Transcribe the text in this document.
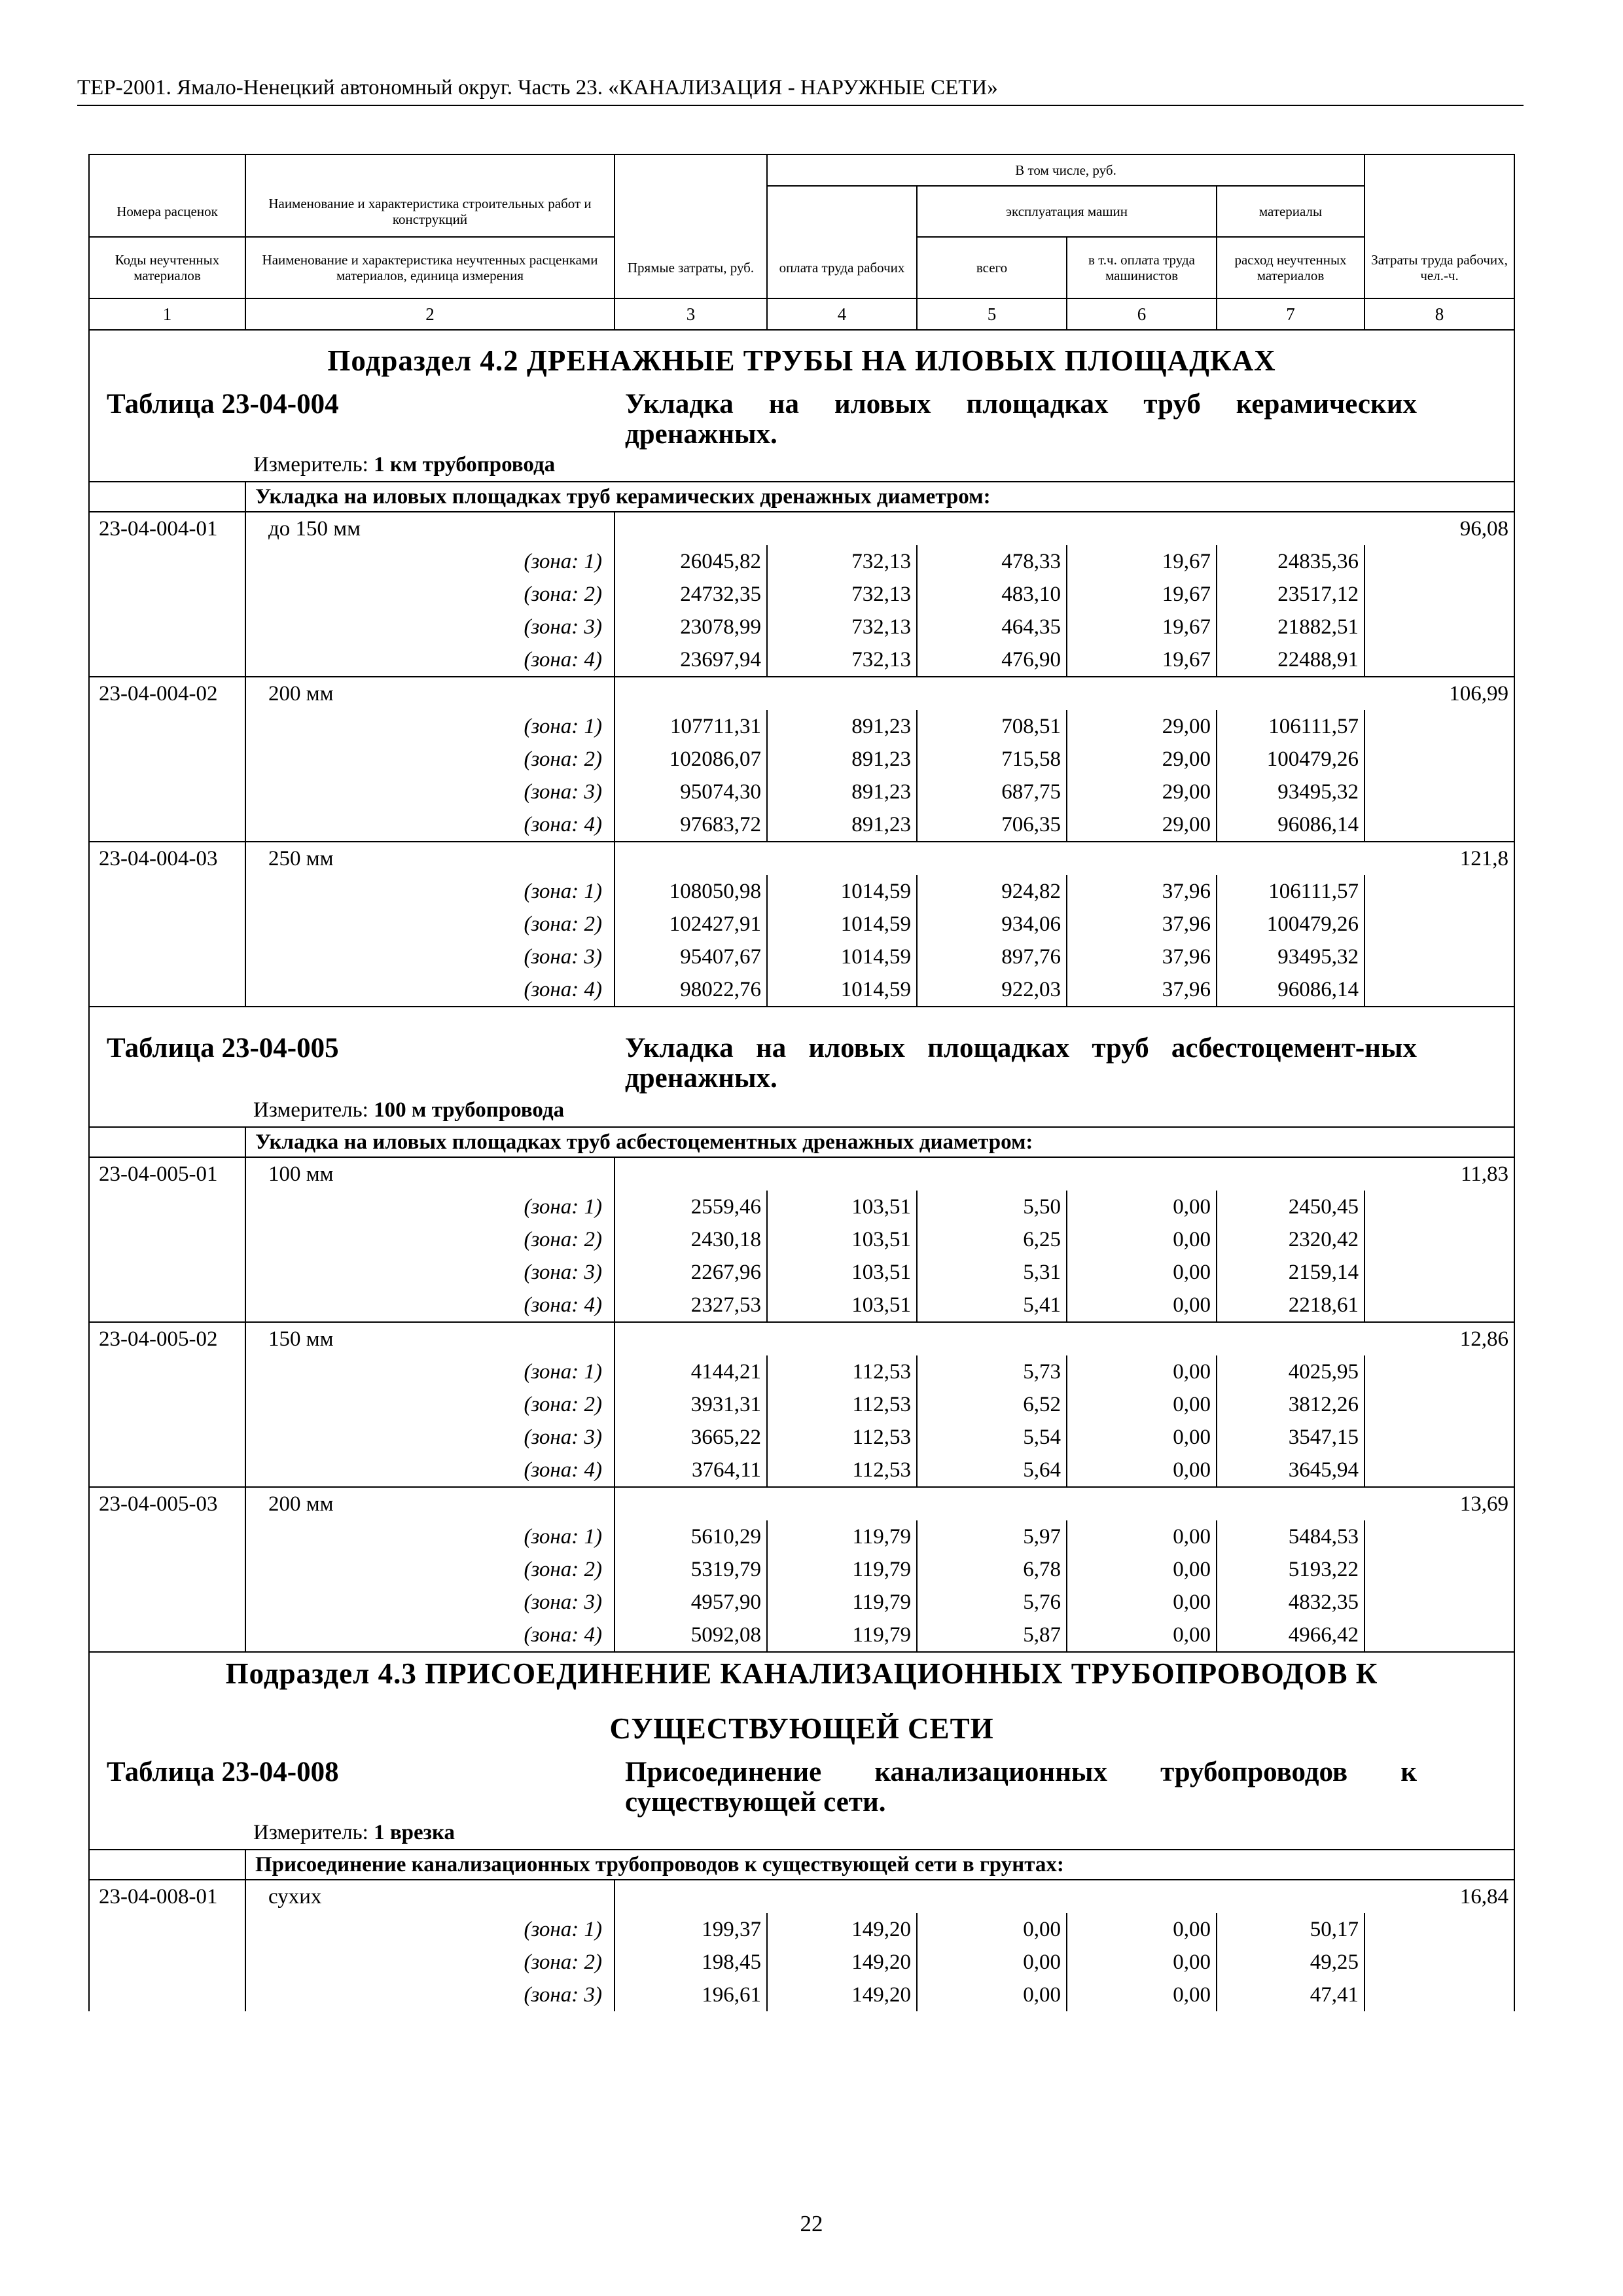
ТЕР-2001. Ямало-Ненецкий автономный округ. Часть 23. «КАНАЛИЗАЦИЯ - НАРУЖНЫЕ СЕТИ»
			В том числе, руб.				
Номера расценок	Наименование и характеристика строительных работ и конструкций			эксплуатация машин		материалы	
Коды неучтенных материалов	Наименование и характеристика неучтенных расценками материалов, единица измерения	Прямые затраты, руб.	оплата труда рабочих	всего	в т.ч. оплата труда машинистов	расход неучтенных материалов	Затраты труда рабочих, чел.-ч.
1	2	3	4	5	6	7	8

Подраздел 4.2 ДРЕНАЖНЫЕ ТРУБЫ НА ИЛОВЫХ ПЛОЩАДКАХ							

Таблица 23-04-004 Укладка на иловых площадках труб керамических дренажных.
Измеритель: 1 км трубопровода							

	Укладка на иловых площадках труб керамических дренажных диаметром:						
23-04-004-01	до 150 мм						96,08
	(зона: 1)	26045,82	732,13	478,33	19,67	24835,36	
	(зона: 2)	24732,35	732,13	483,10	19,67	23517,12	
	(зона: 3)	23078,99	732,13	464,35	19,67	21882,51	
	(зона: 4)	23697,94	732,13	476,90	19,67	22488,91	
23-04-004-02	200 мм						106,99
	(зона: 1)	107711,31	891,23	708,51	29,00	106111,57	
	(зона: 2)	102086,07	891,23	715,58	29,00	100479,26	
	(зона: 3)	95074,30	891,23	687,75	29,00	93495,32	
	(зона: 4)	97683,72	891,23	706,35	29,00	96086,14	
23-04-004-03	250 мм						121,8
	(зона: 1)	108050,98	1014,59	924,82	37,96	106111,57	
	(зона: 2)	102427,91	1014,59	934,06	37,96	100479,26	
	(зона: 3)	95407,67	1014,59	897,76	37,96	93495,32	
	(зона: 4)	98022,76	1014,59	922,03	37,96	96086,14	

Таблица 23-04-005 Укладка на иловых площадках труб асбестоцемент-ных дренажных.
Измеритель: 100 м трубопровода							

	Укладка на иловых площадках труб асбестоцементных дренажных диаметром:						
23-04-005-01	100 мм						11,83
	(зона: 1)	2559,46	103,51	5,50	0,00	2450,45	
	(зона: 2)	2430,18	103,51	6,25	0,00	2320,42	
	(зона: 3)	2267,96	103,51	5,31	0,00	2159,14	
	(зона: 4)	2327,53	103,51	5,41	0,00	2218,61	
23-04-005-02	150 мм						12,86
	(зона: 1)	4144,21	112,53	5,73	0,00	4025,95	
	(зона: 2)	3931,31	112,53	6,52	0,00	3812,26	
	(зона: 3)	3665,22	112,53	5,54	0,00	3547,15	
	(зона: 4)	3764,11	112,53	5,64	0,00	3645,94	
23-04-005-03	200 мм						13,69
	(зона: 1)	5610,29	119,79	5,97	0,00	5484,53	
	(зона: 2)	5319,79	119,79	6,78	0,00	5193,22	
	(зона: 3)	4957,90	119,79	5,76	0,00	4832,35	
	(зона: 4)	5092,08	119,79	5,87	0,00	4966,42	

Подраздел 4.3 ПРИСОЕДИНЕНИЕ КАНАЛИЗАЦИОННЫХ ТРУБОПРОВОДОВ К
СУЩЕСТВУЮЩЕЙ СЕТИ							

Таблица 23-04-008 Присоединение канализационных трубопроводов к существующей сети.
Измеритель: 1 врезка							

	Присоединение канализационных трубопроводов к существующей сети в грунтах:						
23-04-008-01	сухих						16,84
	(зона: 1)	199,37	149,20	0,00	0,00	50,17	
	(зона: 2)	198,45	149,20	0,00	0,00	49,25	
	(зона: 3)	196,61	149,20	0,00	0,00	47,41	
22
